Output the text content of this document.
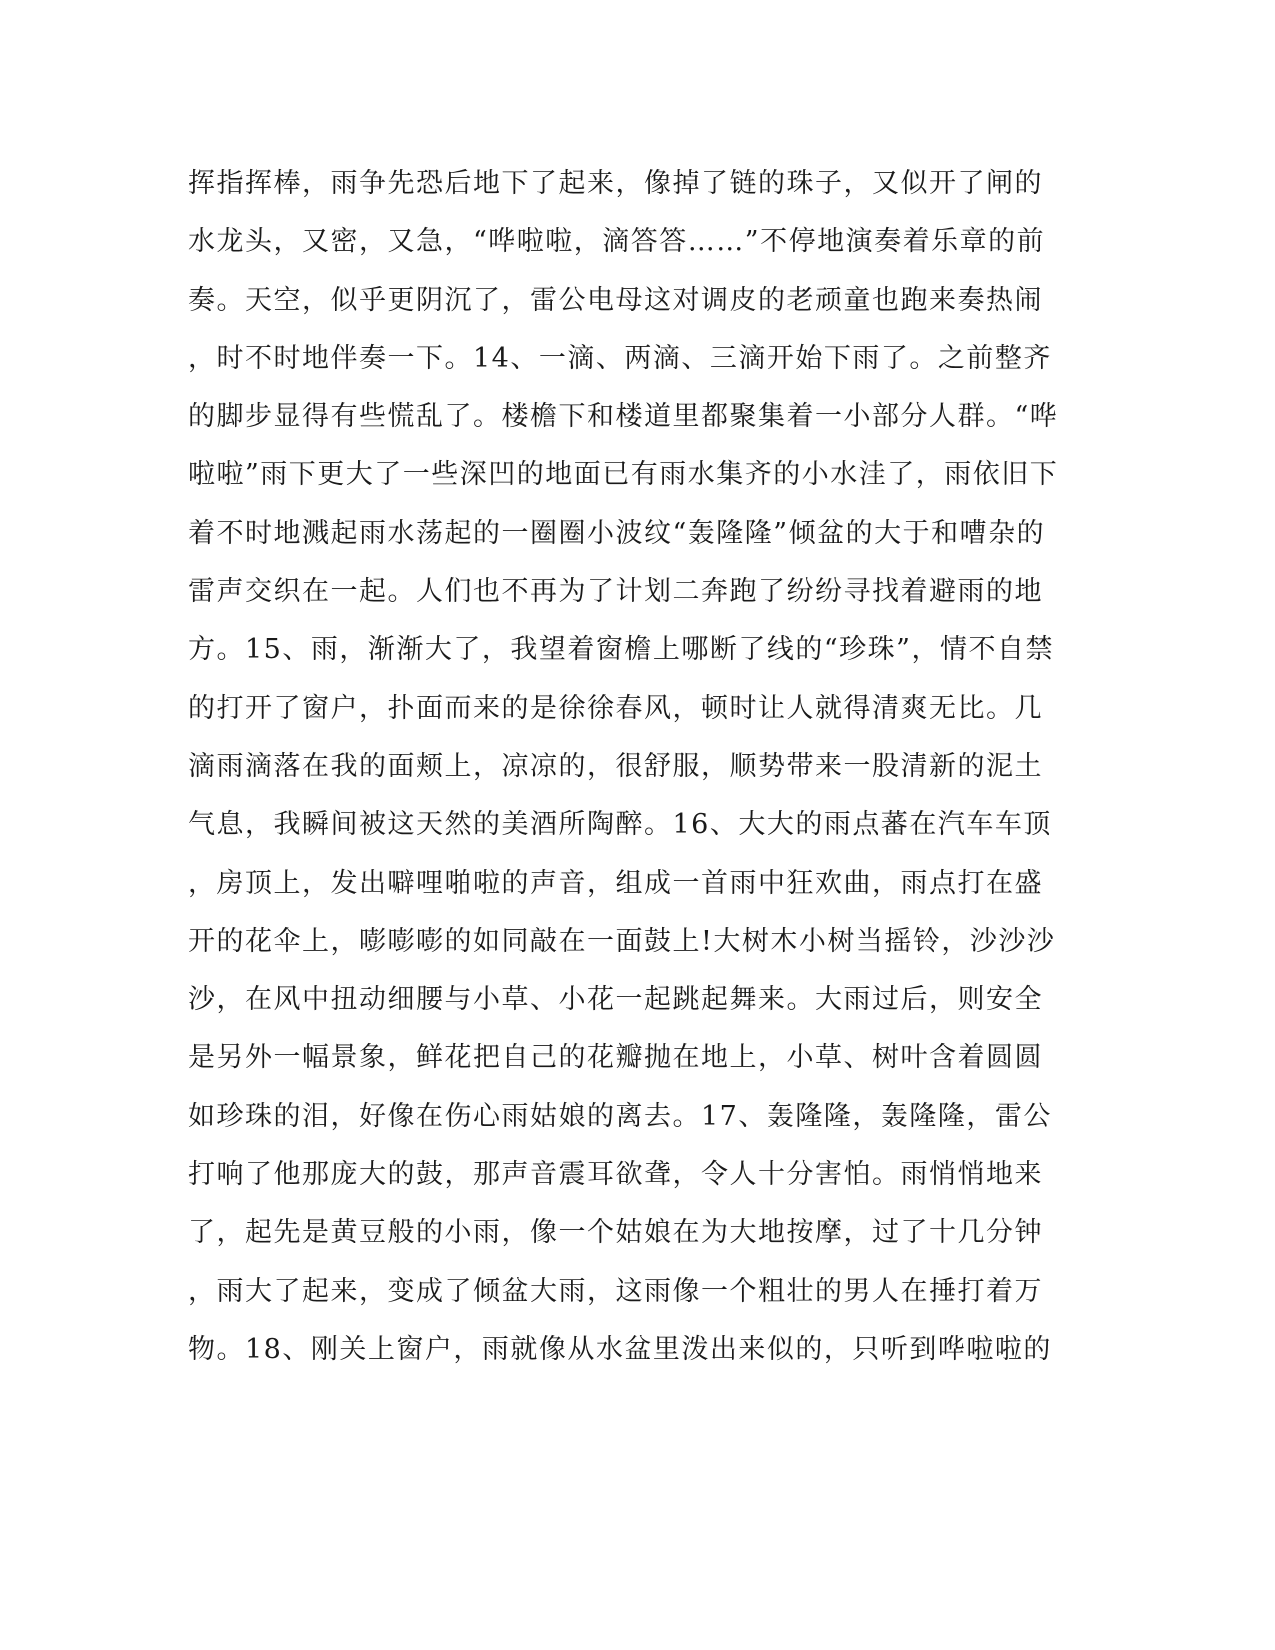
挥指挥棒，雨争先恐后地下了起来，像掉了链的珠子，又似开了闸的
水龙头，又密，又急，“哗啦啦，滴答答……”不停地演奏着乐章的前
奏。天空，似乎更阴沉了，雷公电母这对调皮的老顽童也跑来奏热闹
，时不时地伴奏一下。14、一滴、两滴、三滴开始下雨了。之前整齐
的脚步显得有些慌乱了。楼檐下和楼道里都聚集着一小部分人群。“哗
啦啦”雨下更大了一些深凹的地面已有雨水集齐的小水洼了，雨依旧下
着不时地溅起雨水荡起的一圈圈小波纹“轰隆隆”倾盆的大于和嘈杂的
雷声交织在一起。人们也不再为了计划二奔跑了纷纷寻找着避雨的地
方。15、雨，渐渐大了，我望着窗檐上哪断了线的“珍珠”，情不自禁
的打开了窗户，扑面而来的是徐徐春风，顿时让人就得清爽无比。几
滴雨滴落在我的面颊上，凉凉的，很舒服，顺势带来一股清新的泥土
气息，我瞬间被这天然的美酒所陶醉。16、大大的雨点蕃在汽车车顶
，房顶上，发出噼哩啪啦的声音，组成一首雨中狂欢曲，雨点打在盛
开的花伞上，嘭嘭嘭的如同敲在一面鼓上!大树木小树当摇铃，沙沙沙
沙，在风中扭动细腰与小草、小花一起跳起舞来。大雨过后，则安全
是另外一幅景象，鲜花把自己的花瓣抛在地上，小草、树叶含着圆圆
如珍珠的泪，好像在伤心雨姑娘的离去。17、轰隆隆，轰隆隆，雷公
打响了他那庞大的鼓，那声音震耳欲聋，令人十分害怕。雨悄悄地来
了，起先是黄豆般的小雨，像一个姑娘在为大地按摩，过了十几分钟
，雨大了起来，变成了倾盆大雨，这雨像一个粗壮的男人在捶打着万
物。18、刚关上窗户，雨就像从水盆里泼出来似的，只听到哗啦啦的
